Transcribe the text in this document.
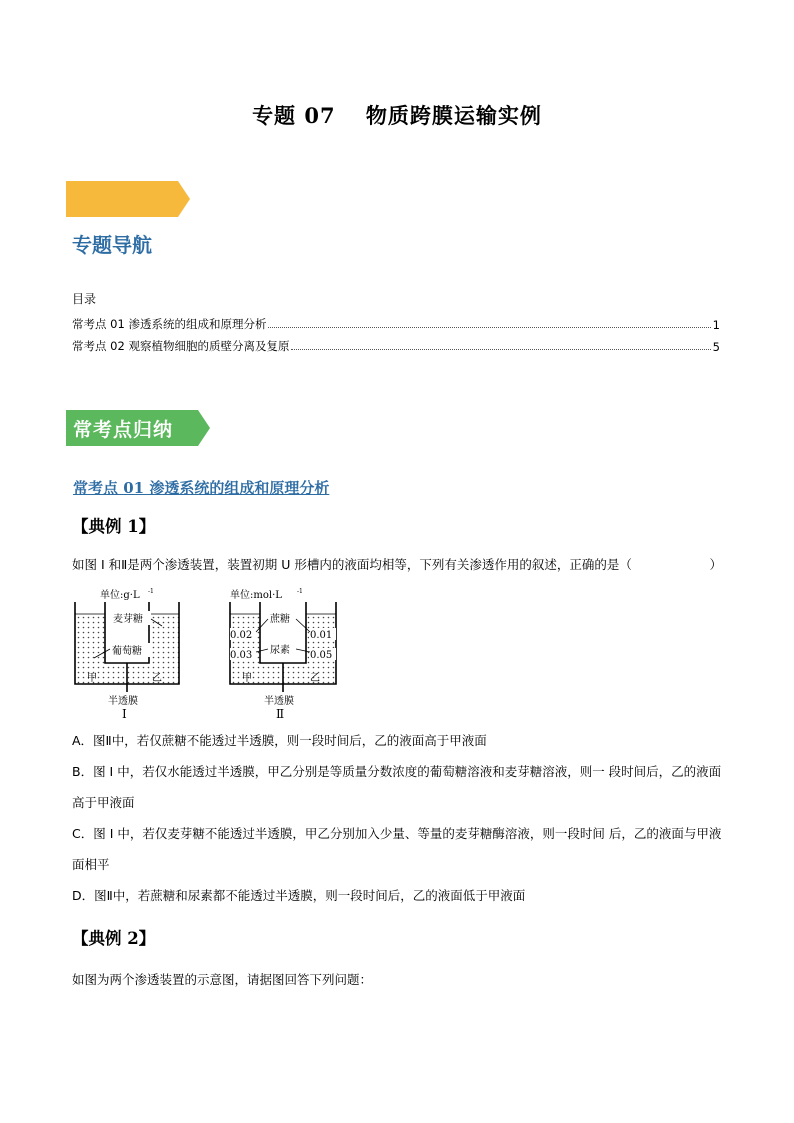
专题 07　 物质跨膜运输实例
专题导航
目录
常考点 01 渗透系统的组成和原理分析	1
常考点 02 观察植物细胞的质壁分离及复原	5
常考点归纳
常考点 01 渗透系统的组成和原理分析
【典例 1】
如图 I 和Ⅱ是两个渗透装置，装置初期 U 形槽内的液面均相等，下列有关渗透作用的叙述，正确的是（	）
单位:g·L -1
麦芽糖
葡萄糖
甲	乙
半透膜
Ⅰ
单位:mol·L	-1
0.02
0.03
0.01
0.05
蔗糖
尿素
甲	乙
半透膜
Ⅱ
A．图Ⅱ中，若仅蔗糖不能透过半透膜，则一段时间后，乙的液面高于甲液面
B．图 I 中，若仅水能透过半透膜，甲乙分别是等质量分数浓度的葡萄糖溶液和麦芽糖溶液，则一 段时间后，乙的液面高于甲液面
C．图 I 中，若仅麦芽糖不能透过半透膜，甲乙分别加入少量、等量的麦芽糖酶溶液，则一段时间 后，乙的液面与甲液面相平
D．图Ⅱ中，若蔗糖和尿素都不能透过半透膜，则一段时间后，乙的液面低于甲液面
【典例 2】
如图为两个渗透装置的示意图，请据图回答下列问题：
